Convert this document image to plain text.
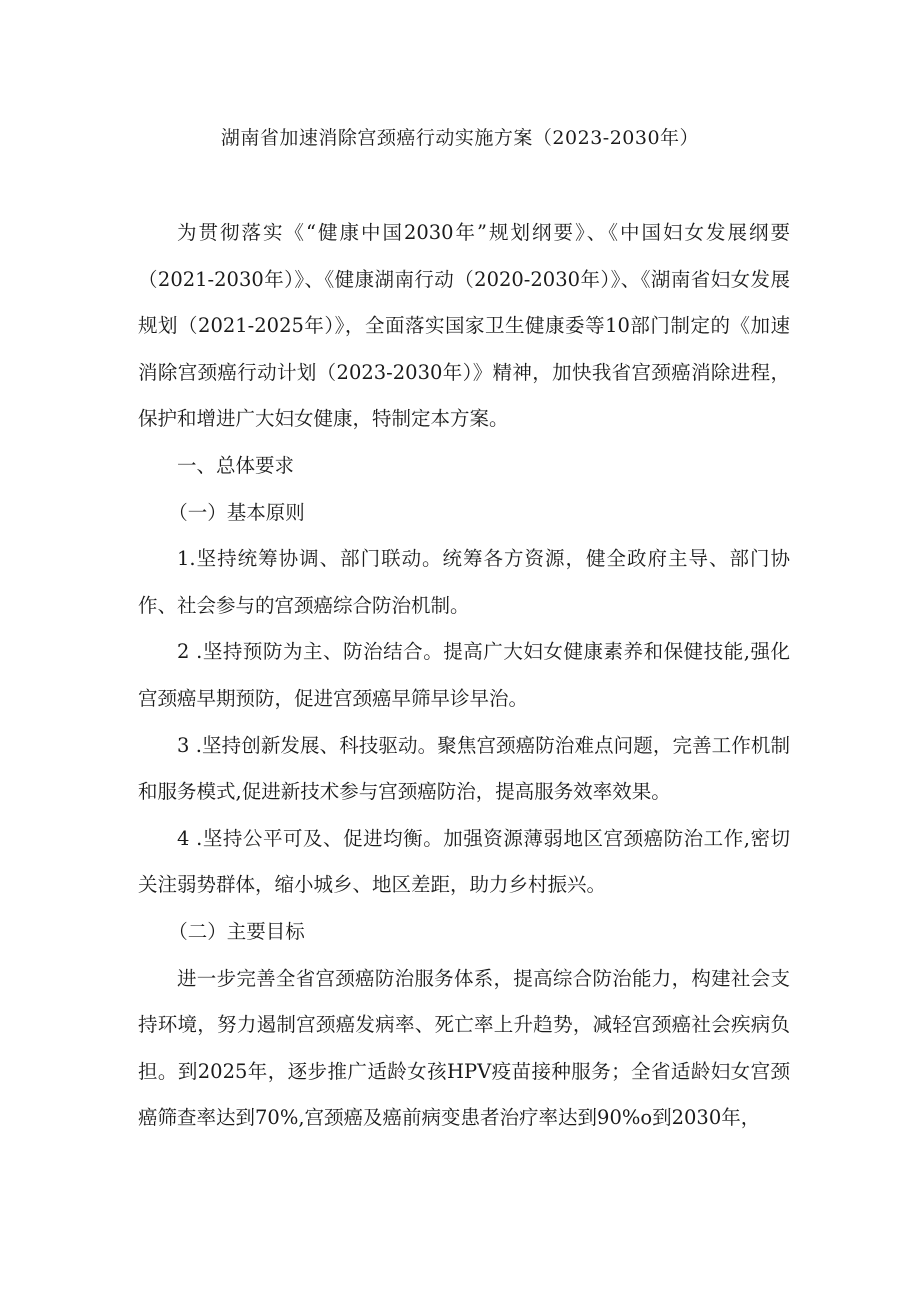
湖南省加速消除宫颈癌行动实施方案（2023-2030年）

为贯彻落实《“健康中国2030年”规划纲要》、《中国妇女发展纲要（2021-2030年）》、《健康湖南行动（2020-2030年）》、《湖南省妇女发展规划（2021-2025年）》，全面落实国家卫生健康委等10部门制定的《加速消除宫颈癌行动计划（2023-2030年）》精神，加快我省宫颈癌消除进程，保护和增进广大妇女健康，特制定本方案。

一、总体要求

（一）基本原则

1.坚持统筹协调、部门联动。统筹各方资源，健全政府主导、部门协作、社会参与的宫颈癌综合防治机制。

2 .坚持预防为主、防治结合。提高广大妇女健康素养和保健技能,强化宫颈癌早期预防，促进宫颈癌早筛早诊早治。

3 .坚持创新发展、科技驱动。聚焦宫颈癌防治难点问题，完善工作机制和服务模式,促进新技术参与宫颈癌防治，提高服务效率效果。

4 .坚持公平可及、促进均衡。加强资源薄弱地区宫颈癌防治工作,密切关注弱势群体，缩小城乡、地区差距，助力乡村振兴。

（二）主要目标

进一步完善全省宫颈癌防治服务体系，提高综合防治能力，构建社会支持环境，努力遏制宫颈癌发病率、死亡率上升趋势，减轻宫颈癌社会疾病负担。到2025年，逐步推广适龄女孩HPV疫苗接种服务；全省适龄妇女宫颈癌筛查率达到70%,宫颈癌及癌前病变患者治疗率达到90%o到2030年，
